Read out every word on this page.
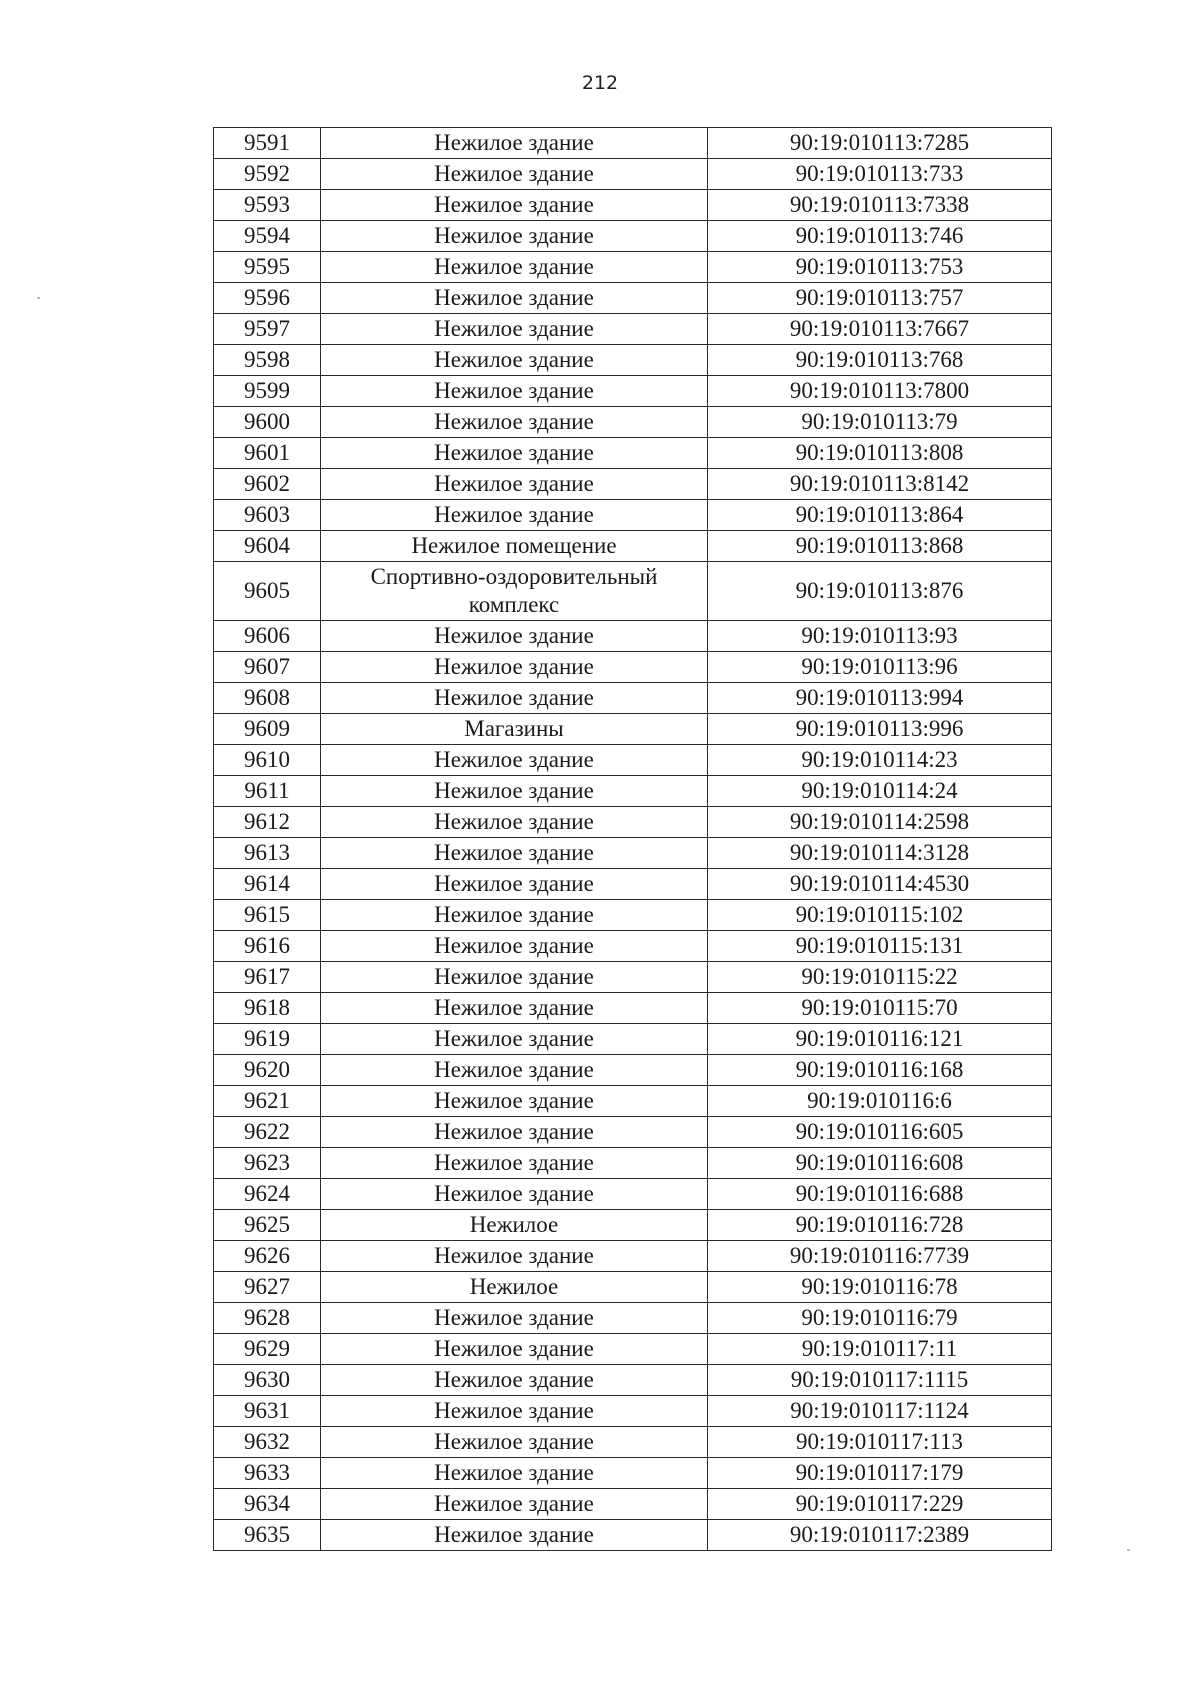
212
9591	Нежилое здание	90:19:010113:7285
9592	Нежилое здание	90:19:010113:733
9593	Нежилое здание	90:19:010113:7338
9594	Нежилое здание	90:19:010113:746
9595	Нежилое здание	90:19:010113:753
9596	Нежилое здание	90:19:010113:757
9597	Нежилое здание	90:19:010113:7667
9598	Нежилое здание	90:19:010113:768
9599	Нежилое здание	90:19:010113:7800
9600	Нежилое здание	90:19:010113:79
9601	Нежилое здание	90:19:010113:808
9602	Нежилое здание	90:19:010113:8142
9603	Нежилое здание	90:19:010113:864
9604	Нежилое помещение	90:19:010113:868
9605	Спортивно-оздоровительный комплекс	90:19:010113:876
9606	Нежилое здание	90:19:010113:93
9607	Нежилое здание	90:19:010113:96
9608	Нежилое здание	90:19:010113:994
9609	Магазины	90:19:010113:996
9610	Нежилое здание	90:19:010114:23
9611	Нежилое здание	90:19:010114:24
9612	Нежилое здание	90:19:010114:2598
9613	Нежилое здание	90:19:010114:3128
9614	Нежилое здание	90:19:010114:4530
9615	Нежилое здание	90:19:010115:102
9616	Нежилое здание	90:19:010115:131
9617	Нежилое здание	90:19:010115:22
9618	Нежилое здание	90:19:010115:70
9619	Нежилое здание	90:19:010116:121
9620	Нежилое здание	90:19:010116:168
9621	Нежилое здание	90:19:010116:6
9622	Нежилое здание	90:19:010116:605
9623	Нежилое здание	90:19:010116:608
9624	Нежилое здание	90:19:010116:688
9625	Нежилое	90:19:010116:728
9626	Нежилое здание	90:19:010116:7739
9627	Нежилое	90:19:010116:78
9628	Нежилое здание	90:19:010116:79
9629	Нежилое здание	90:19:010117:11
9630	Нежилое здание	90:19:010117:1115
9631	Нежилое здание	90:19:010117:1124
9632	Нежилое здание	90:19:010117:113
9633	Нежилое здание	90:19:010117:179
9634	Нежилое здание	90:19:010117:229
9635	Нежилое здание	90:19:010117:2389
